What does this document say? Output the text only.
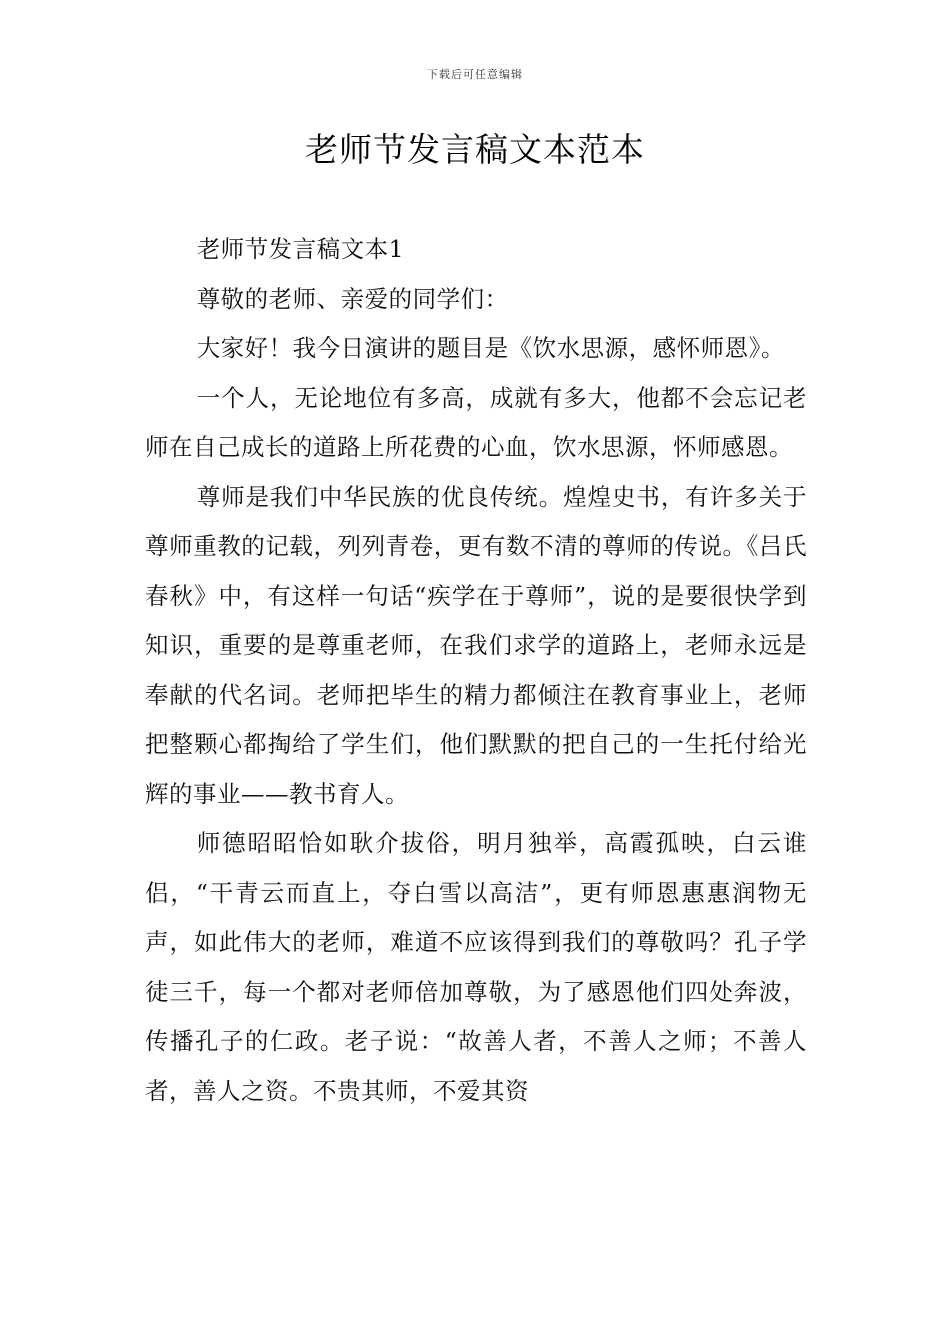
下载后可任意编辑
老师节发言稿文本范本

老师节发言稿文本1

尊敬的老师、亲爱的同学们：

大家好！我今日演讲的题目是《饮水思源，感怀师恩》。

一个人，无论地位有多高，成就有多大，他都不会忘记老师在自己成长的道路上所花费的心血，饮水思源，怀师感恩。

尊师是我们中华民族的优良传统。煌煌史书，有许多关于尊师重教的记载，列列青卷，更有数不清的尊师的传说。《吕氏春秋》中，有这样一句话“疾学在于尊师”，说的是要很快学到知识，重要的是尊重老师，在我们求学的道路上，老师永远是奉献的代名词。老师把毕生的精力都倾注在教育事业上，老师把整颗心都掏给了学生们，他们默默的把自己的一生托付给光辉的事业——教书育人。

师德昭昭恰如耿介拔俗，明月独举，高霞孤映，白云谁侣，“干青云而直上，夺白雪以高洁”，更有师恩惠惠润物无声，如此伟大的老师，难道不应该得到我们的尊敬吗？孔子学徒三千，每一个都对老师倍加尊敬，为了感恩他们四处奔波，传播孔子的仁政。老子说：“故善人者，不善人之师；不善人者，善人之资。不贵其师，不爱其资
